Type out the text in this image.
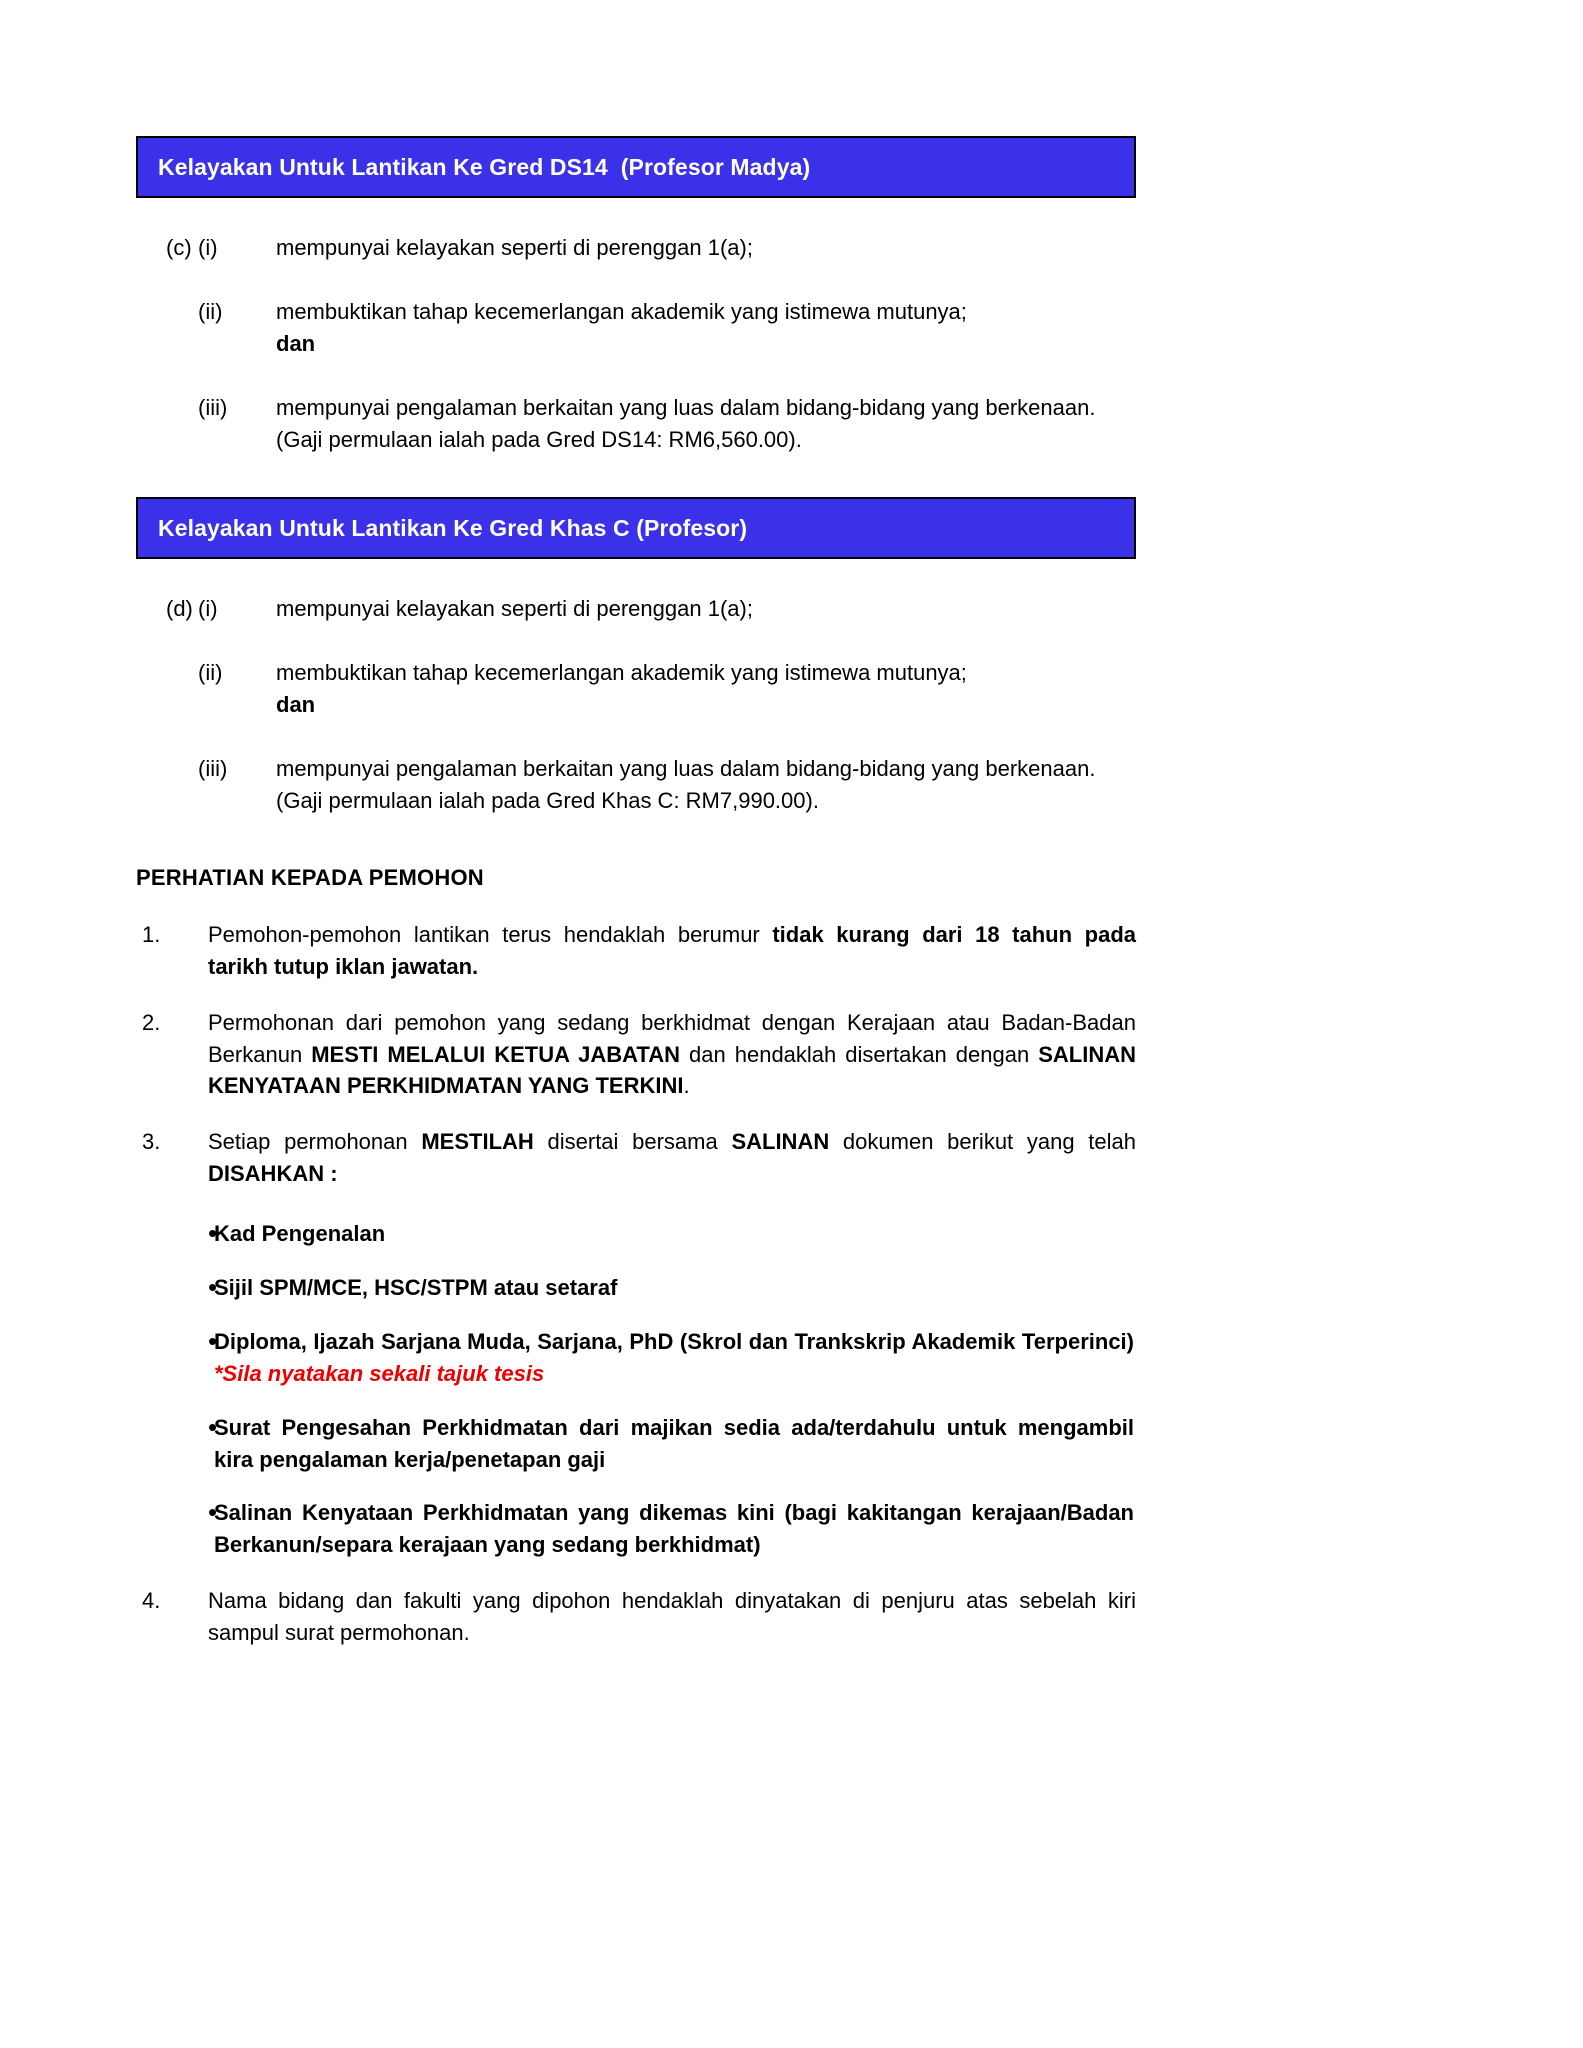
Kelayakan Untuk Lantikan Ke Gred DS14  (Profesor Madya)
(c) (i)	mempunyai kelayakan seperti di perenggan 1(a);
(ii)	membuktikan tahap kecemerlangan akademik yang istimewa mutunya;
dan
(iii)	mempunyai pengalaman berkaitan yang luas dalam bidang-bidang yang berkenaan.
(Gaji permulaan ialah pada Gred DS14: RM6,560.00).
Kelayakan Untuk Lantikan Ke Gred Khas C (Profesor)
(d) (i)	mempunyai kelayakan seperti di perenggan 1(a);
(ii)	membuktikan tahap kecemerlangan akademik yang istimewa mutunya;
dan
(iii)	mempunyai pengalaman berkaitan yang luas dalam bidang-bidang yang berkenaan.
(Gaji permulaan ialah pada Gred Khas C: RM7,990.00).
PERHATIAN KEPADA PEMOHON
1.	Pemohon-pemohon lantikan terus hendaklah berumur tidak kurang dari 18 tahun pada tarikh tutup iklan jawatan.
2.	Permohonan dari pemohon yang sedang berkhidmat dengan Kerajaan atau Badan-Badan Berkanun MESTI MELALUI KETUA JABATAN dan hendaklah disertakan dengan SALINAN KENYATAAN PERKHIDMATAN YANG TERKINI.
3.	Setiap permohonan MESTILAH disertai bersama SALINAN dokumen berikut yang telah DISAHKAN :
•
Kad Pengenalan
•
Sijil SPM/MCE, HSC/STPM atau setaraf
•
Diploma, Ijazah Sarjana Muda, Sarjana, PhD (Skrol dan Trankskrip Akademik Terperinci) *Sila nyatakan sekali tajuk tesis
•
Surat Pengesahan Perkhidmatan dari majikan sedia ada/terdahulu untuk mengambil kira pengalaman kerja/penetapan gaji
•
Salinan Kenyataan Perkhidmatan yang dikemas kini (bagi kakitangan kerajaan/Badan Berkanun/separa kerajaan yang sedang berkhidmat)
4.	Nama bidang dan fakulti yang dipohon hendaklah dinyatakan di penjuru atas sebelah kiri sampul surat permohonan.
